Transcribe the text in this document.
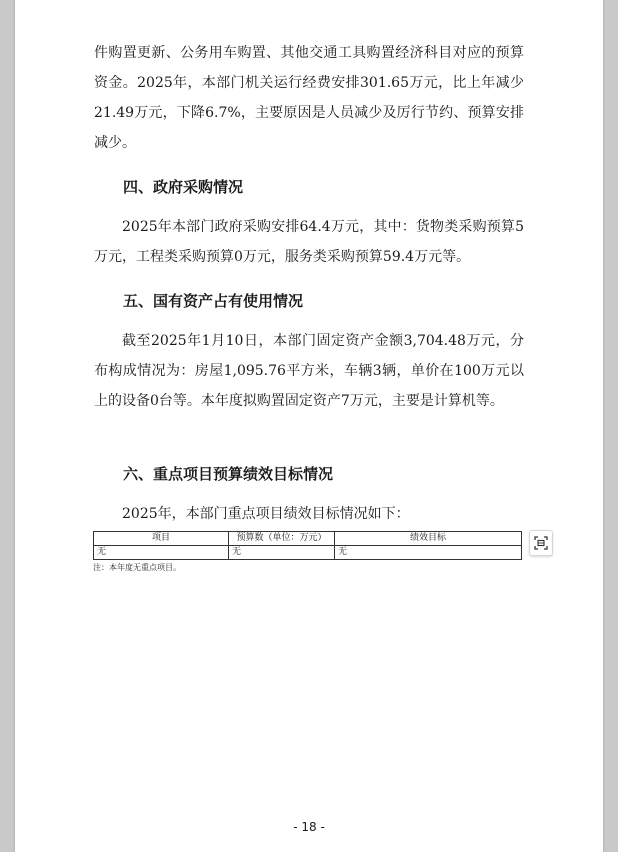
件购置更新、公务用车购置、其他交通工具购置经济科目对应的预算资金。2025年，本部门机关运行经费安排301.65万元，比上年减少21.49万元，下降6.7%，主要原因是人员减少及厉行节约、预算安排减少。

四、政府采购情况

2025年本部门政府采购安排64.4万元，其中：货物类采购预算5万元，工程类采购预算0万元，服务类采购预算59.4万元等。

五、国有资产占有使用情况

截至2025年1月10日，本部门固定资产金额3,704.48万元，分布构成情况为：房屋1,095.76平方米，车辆3辆，单价在100万元以上的设备0台等。本年度拟购置固定资产7万元，主要是计算机等。

六、重点项目预算绩效目标情况

2025年，本部门重点项目绩效目标情况如下：

项目	预算数（单位：万元）	绩效目标
无	无	无
注：本年度无重点项目。
- 18 -
